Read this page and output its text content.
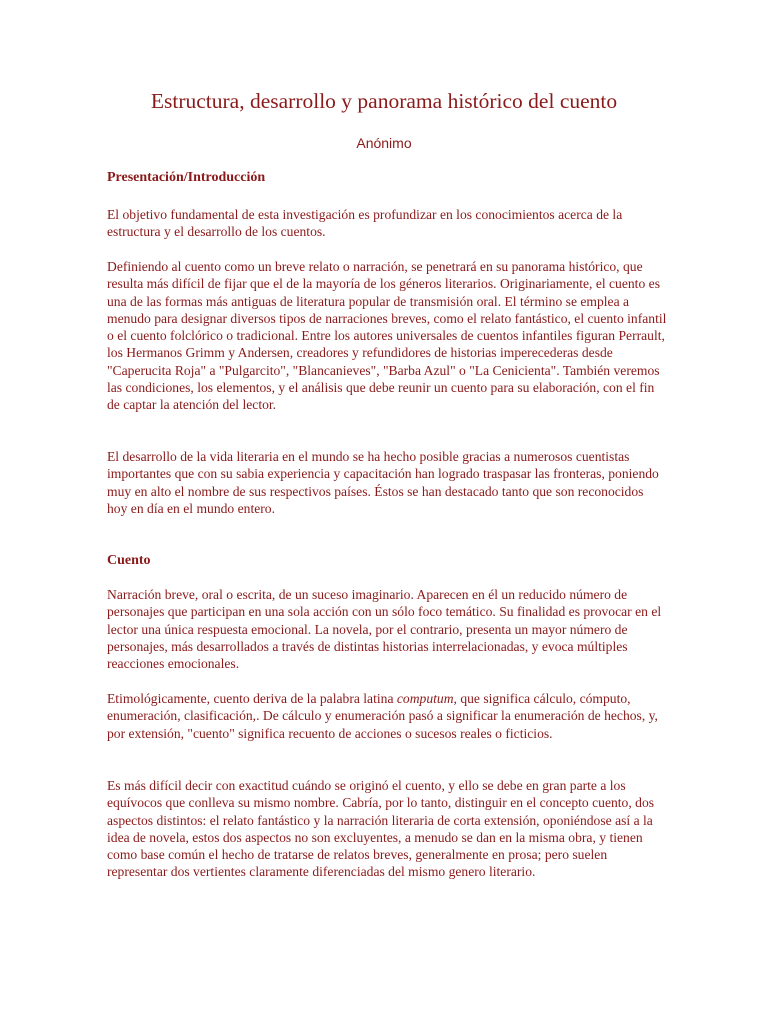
Estructura, desarrollo y panorama histórico del cuento

Anónimo

Presentación/Introducción

El objetivo fundamental de esta investigación es profundizar en los conocimientos acerca de la estructura y el desarrollo de los cuentos.

Definiendo al cuento como un breve relato o narración, se penetrará en su panorama histórico, que resulta más difícil de fijar que el de la mayoría de los géneros literarios. Originariamente, el cuento es una de las formas más antiguas de literatura popular de transmisión oral. El término se emplea a menudo para designar diversos tipos de narraciones breves, como el relato fantástico, el cuento infantil o el cuento folclórico o tradicional. Entre los autores universales de cuentos infantiles figuran Perrault, los Hermanos Grimm y Andersen, creadores y refundidores de historias imperecederas desde "Caperucita Roja" a "Pulgarcito", "Blancanieves", "Barba Azul" o "La Cenicienta". También veremos las condiciones, los elementos, y el análisis que debe reunir un cuento para su elaboración, con el fin de captar la atención del lector.

El desarrollo de la vida literaria en el mundo se ha hecho posible gracias a numerosos cuentistas importantes que con su sabia experiencia y capacitación han logrado traspasar las fronteras, poniendo muy en alto el nombre de sus respectivos países. Éstos se han destacado tanto que son reconocidos hoy en día en el mundo entero.

Cuento

Narración breve, oral o escrita, de un suceso imaginario. Aparecen en él un reducido número de personajes que participan en una sola acción con un sólo foco temático. Su finalidad es provocar en el lector una única respuesta emocional. La novela, por el contrario, presenta un mayor número de personajes, más desarrollados a través de distintas historias interrelacionadas, y evoca múltiples reacciones emocionales.

Etimológicamente, cuento deriva de la palabra latina computum, que significa cálculo, cómputo, enumeración, clasificación,. De cálculo y enumeración pasó a significar la enumeración de hechos, y, por extensión, "cuento" significa recuento de acciones o sucesos reales o ficticios.

Es más difícil decir con exactitud cuándo se originó el cuento, y ello se debe en gran parte a los equívocos que conlleva su mismo nombre. Cabría, por lo tanto, distinguir en el concepto cuento, dos aspectos distintos: el relato fantástico y la narración literaria de corta extensión, oponiéndose así a la idea de novela, estos dos aspectos no son excluyentes, a menudo se dan en la misma obra, y tienen como base común el hecho de tratarse de relatos breves, generalmente en prosa; pero suelen representar dos vertientes claramente diferenciadas del mismo genero literario.
